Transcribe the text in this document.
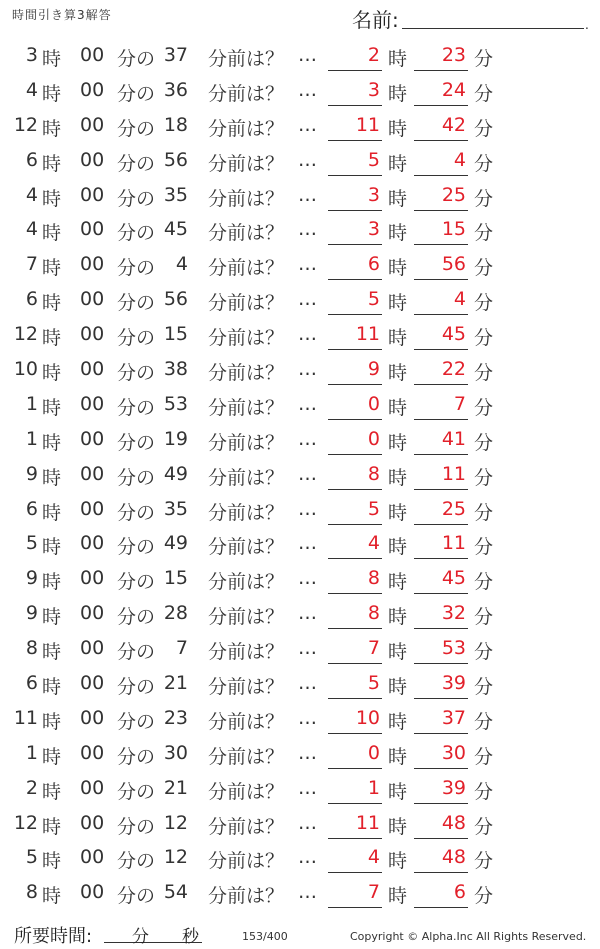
時間引き算3解答	名前:	.
3 時 00 分の 37 分前は？ …	2 時	23 分
4 時 00 分の 36 分前は？ …	3 時	24 分
12 時 00 分の 18 分前は？ …	11 時	42 分
6 時 00 分の 56 分前は？ …	5 時	4 分
4 時 00 分の 35 分前は？ …	3 時	25 分
4 時 00 分の 45 分前は？ …	3 時	15 分
7 時 00 分の	4 分前は？ …	6 時	56 分
6 時 00 分の 56 分前は？ …	5 時	4 分
12 時 00 分の 15 分前は？ …	11 時	45 分
10 時 00 分の 38 分前は？ …	9 時	22 分
1 時 00 分の 53 分前は？ …	0 時	7 分
1 時 00 分の 19 分前は？ …	0 時	41 分
9 時 00 分の 49 分前は？ …	8 時	11 分
6 時 00 分の 35 分前は？ …	5 時	25 分
5 時 00 分の 49 分前は？ …	4 時	11 分
9 時 00 分の 15 分前は？ …	8 時	45 分
9 時 00 分の 28 分前は？ …	8 時	32 分
8 時 00 分の	7 分前は？ …	7 時	53 分
6 時 00 分の 21 分前は？ …	5 時	39 分
11 時 00 分の 23 分前は？ …	10 時	37 分
1 時 00 分の 30 分前は？ …	0 時	30 分
2 時 00 分の 21 分前は？ …	1 時	39 分
12 時 00 分の 12 分前は？ …	11 時	48 分
5 時 00 分の 12 分前は？ …	4 時	48 分
8 時 00 分の 54 分前は？ …	7 時	6 分
所要時間: 分 秒	153/400	Copyright © Alpha.Inc All Rights Reserved.
